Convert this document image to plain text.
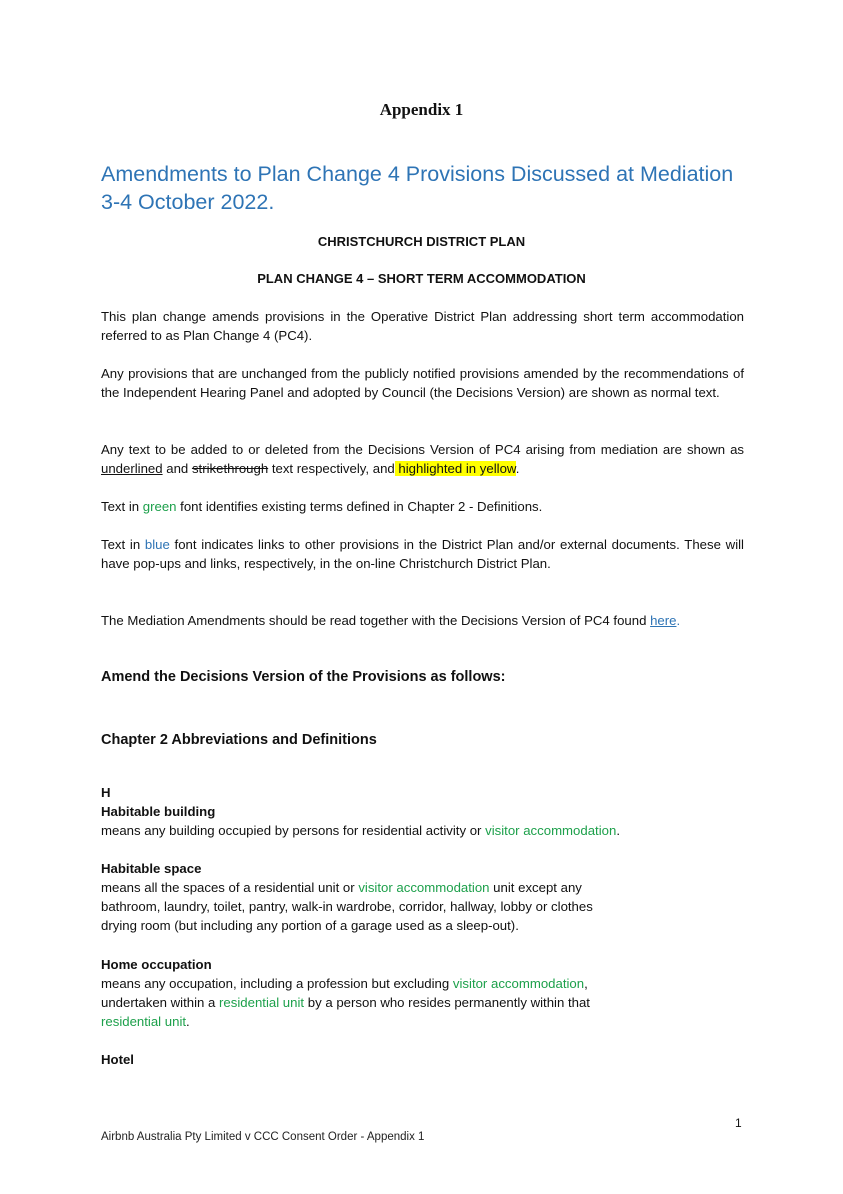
Appendix 1

Amendments to Plan Change 4 Provisions Discussed at Mediation 3-4 October 2022.

CHRISTCHURCH DISTRICT PLAN

PLAN CHANGE 4 – SHORT TERM ACCOMMODATION

This plan change amends provisions in the Operative District Plan addressing short term accommodation referred to as Plan Change 4 (PC4).

Any provisions that are unchanged from the publicly notified provisions amended by the recommendations of the Independent Hearing Panel and adopted by Council (the Decisions Version) are shown as normal text.

Any text to be added to or deleted from the Decisions Version of PC4 arising from mediation are shown as underlined and strikethrough text respectively, and highlighted in yellow.

Text in green font identifies existing terms defined in Chapter 2 - Definitions.

Text in blue font indicates links to other provisions in the District Plan and/or external documents. These will have pop-ups and links, respectively, in the on-line Christchurch District Plan.

The Mediation Amendments should be read together with the Decisions Version of PC4 found here.

Amend the Decisions Version of the Provisions as follows:
Chapter 2 Abbreviations and Definitions

H

Habitable building
means any building occupied by persons for residential activity or visitor accommodation.
Habitable space
means all the spaces of a residential unit or visitor accommodation unit except any
bathroom, laundry, toilet, pantry, walk-in wardrobe, corridor, hallway, lobby or clothes
drying room (but including any portion of a garage used as a sleep-out).
Home occupation
means any occupation, including a profession but excluding visitor accommodation,
undertaken within a residential unit by a person who resides permanently within that
residential unit.

Hotel

1

Airbnb Australia Pty Limited v CCC Consent Order - Appendix 1
